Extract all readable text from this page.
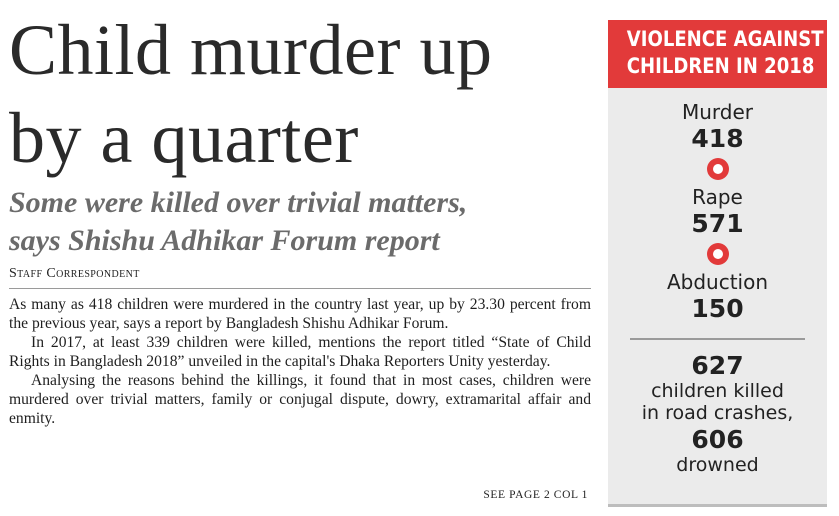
Child murder up
by a quarter
Some were killed over trivial matters,
says Shishu Adhikar Forum report
Staff Correspondent

As many as 418 children were murdered in the country last year, up by 23.30 percent from the previous year, says a report by Bangladesh Shishu Adhikar Forum.

In 2017, at least 339 children were killed, mentions the report titled “State of Child Rights in Bangladesh 2018” unveiled in the capital's Dhaka Reporters Unity yesterday.

Analysing the reasons behind the killings, it found that in most cases, children were murdered over trivial matters, family or conjugal dispute, dowry, extramarital affair and enmity.

SEE PAGE 2 COL 1
VIOLENCE AGAINST
CHILDREN IN 2018
Murder
418
Rape
571
Abduction
150
627
children killed
in road crashes,
606
drowned
